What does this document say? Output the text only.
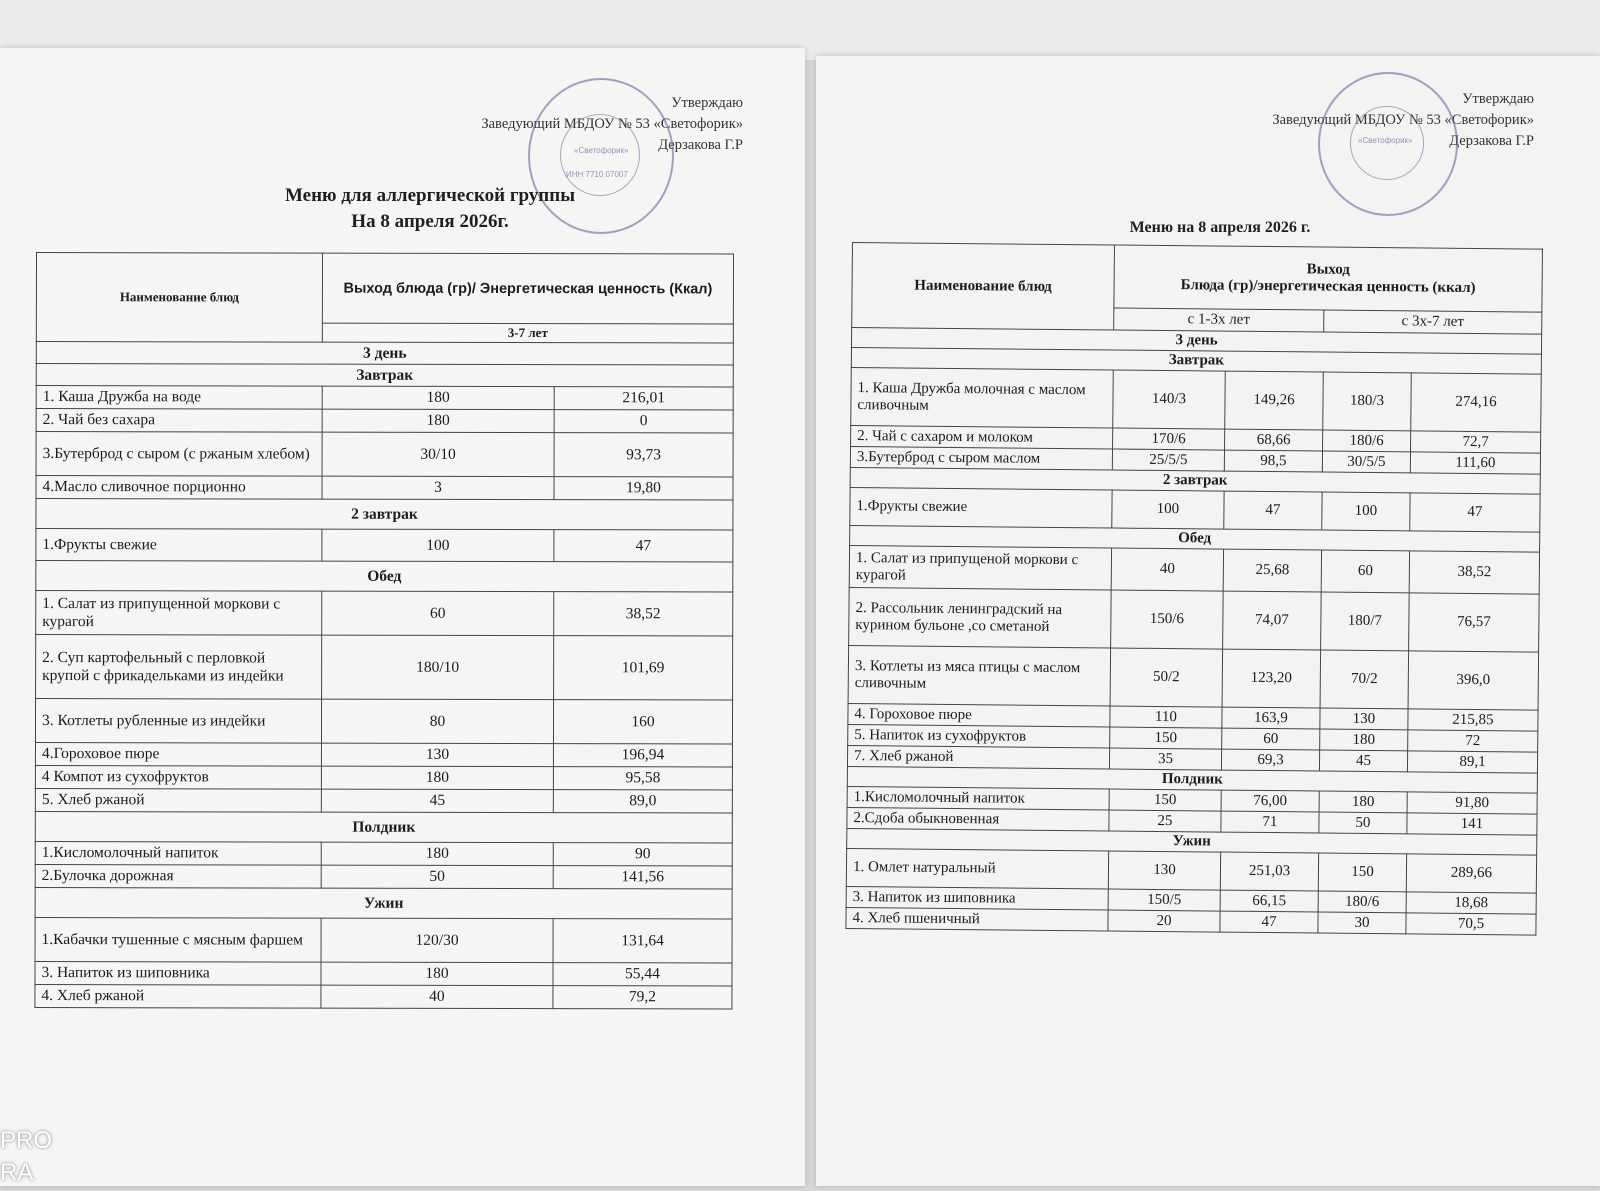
Утверждаю
Заведующий МБДОУ № 53 «Светофорик»
Дерзакова Г.Р
«Светофорик»
ИНН 7710 07007
Меню для аллергической группы
На 8 апреля 2026г.
Наименование блюд	Выход блюда (гр)/ Энергетическая ценность (Ккал)	
	3-7 лет	
3 день		
Завтрак		
1. Каша Дружба на воде	180	216,01
2. Чай без сахара	180	0
3.Бутерброд с сыром (с ржаным хлебом)	30/10	93,73
4.Масло сливочное порционно	3	19,80
2 завтрак		
1.Фрукты свежие	100	47
Обед		
1. Салат из припущенной моркови с курагой	60	38,52
2. Суп картофельный с перловкой крупой с фрикадельками из индейки	180/10	101,69
3. Котлеты рубленные из индейки	80	160
4.Гороховое пюре	130	196,94
4 Компот из сухофруктов	180	95,58
5. Хлеб ржаной	45	89,0
Полдник		
1.Кисломолочный напиток	180	90
2.Булочка дорожная	50	141,56
Ужин		
1.Кабачки тушенные с мясным фаршем	120/30	131,64
3. Напиток из шиповника	180	55,44
4. Хлеб ржаной	40	79,2
Утверждаю
Заведующий МБДОУ № 53 «Светофорик»
Дерзакова Г.Р
«Светофорик»
Меню на 8 апреля 2026 г.
Наименование блюд	Выход
Блюда (гр)/энергетическая ценность (ккал)			

	с 1-3х лет		с 3х-7 лет	
3 день				
Завтрак				
1. Каша Дружба молочная с маслом сливочным	140/3	149,26	180/3	274,16
2. Чай с сахаром и молоком	170/6	68,66	180/6	72,7
3.Бутерброд с сыром маслом	25/5/5	98,5	30/5/5	111,60
2 завтрак				
1.Фрукты свежие	100	47	100	47
Обед				
1. Салат из припущеной моркови с курагой	40	25,68	60	38,52
2. Рассольник ленинградский на курином бульоне ,со сметаной	150/6	74,07	180/7	76,57
3. Котлеты из мяса птицы с маслом сливочным	50/2	123,20	70/2	396,0
4. Гороховое пюре	110	163,9	130	215,85
5. Напиток из сухофруктов	150	60	180	72
7. Хлеб ржаной	35	69,3	45	89,1
Полдник				
1.Кисломолочный напиток	150	76,00	180	91,80
2.Сдоба обыкновенная	25	71	50	141
Ужин				
1. Омлет натуральный	130	251,03	150	289,66
3. Напиток из шиповника	150/5	66,15	180/6	18,68
4. Хлеб пшеничный	20	47	30	70,5
PRO
RA
